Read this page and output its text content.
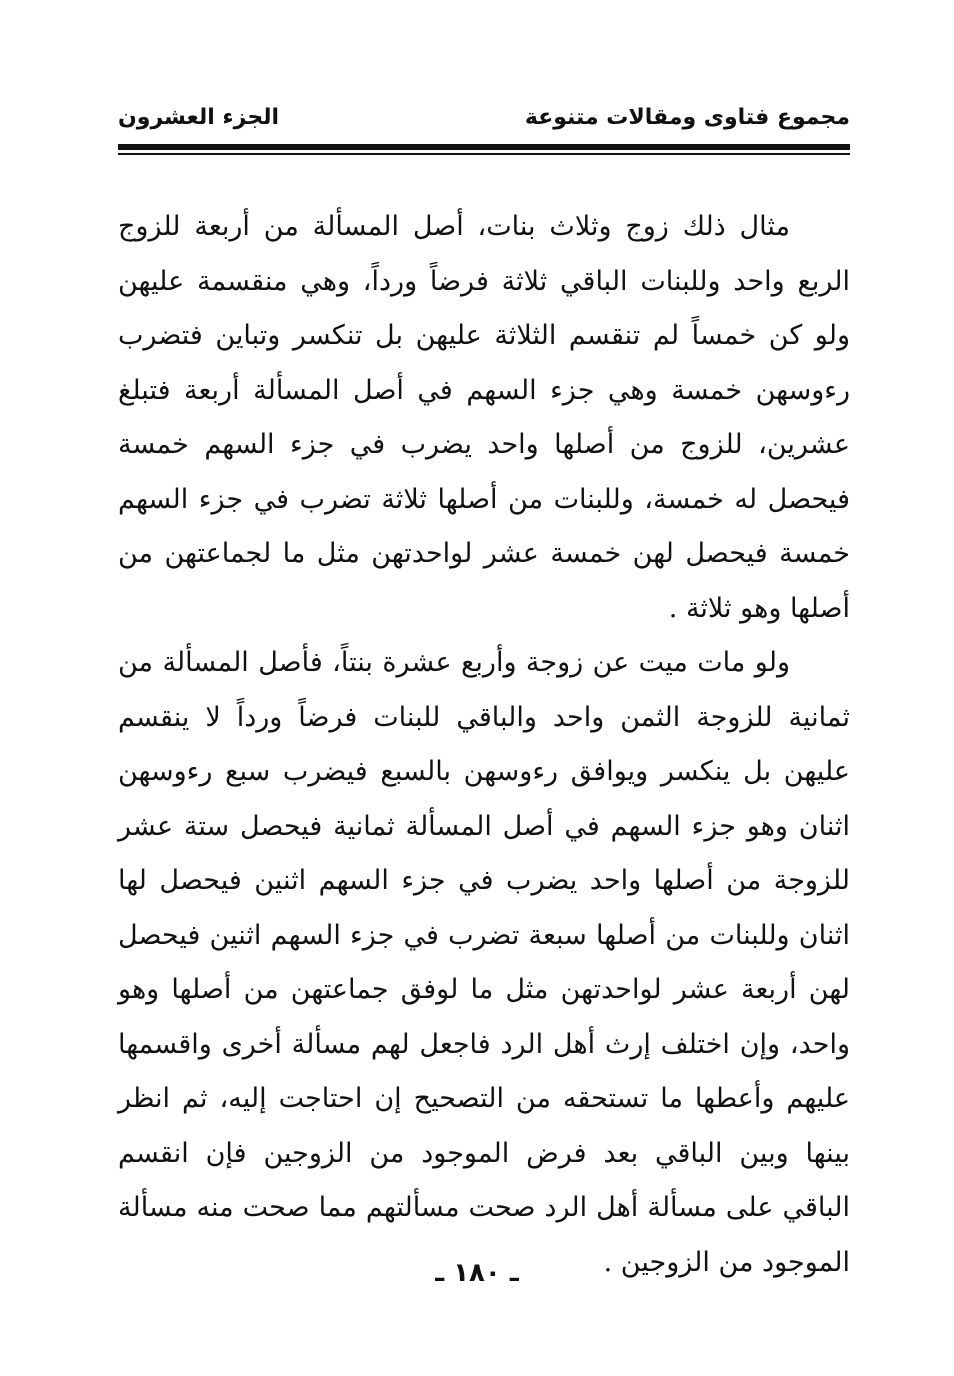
مجموع فتاوى ومقالات متنوعة
الجزء العشرون

مثال ذلك زوج وثلاث بنات، أصل المسألة من أربعة للزوج الربع واحد وللبنات الباقي ثلاثة فرضاً ورداً، وهي منقسمة عليهن ولو كن خمساً لم تنقسم الثلاثة عليهن بل تنكسر وتباين فتضرب رءوسهن خمسة وهي جزء السهم في أصل المسألة أربعة فتبلغ عشرين، للزوج من أصلها واحد يضرب في جزء السهم خمسة فيحصل له خمسة، وللبنات من أصلها ثلاثة تضرب في جزء السهم خمسة فيحصل لهن خمسة عشر لواحدتهن مثل ما لجماعتهن من أصلها وهو ثلاثة .

ولو مات ميت عن زوجة وأربع عشرة بنتاً، فأصل المسألة من ثمانية للزوجة الثمن واحد والباقي للبنات فرضاً ورداً لا ينقسم عليهن بل ينكسر ويوافق رءوسهن بالسبع فيضرب سبع رءوسهن اثنان وهو جزء السهم في أصل المسألة ثمانية فيحصل ستة عشر للزوجة من أصلها واحد يضرب في جزء السهم اثنين فيحصل لها اثنان وللبنات من أصلها سبعة تضرب في جزء السهم اثنين فيحصل لهن أربعة عشر لواحدتهن مثل ما لوفق جماعتهن من أصلها وهو واحد، وإن اختلف إرث أهل الرد فاجعل لهم مسألة أخرى واقسمها عليهم وأعطها ما تستحقه من التصحيح إن احتاجت إليه، ثم انظر بينها وبين الباقي بعد فرض الموجود من الزوجين فإن انقسم الباقي على مسألة أهل الرد صحت مسألتهم مما صحت منه مسألة الموجود من الزوجين .

ـ ١٨٠ ـ
